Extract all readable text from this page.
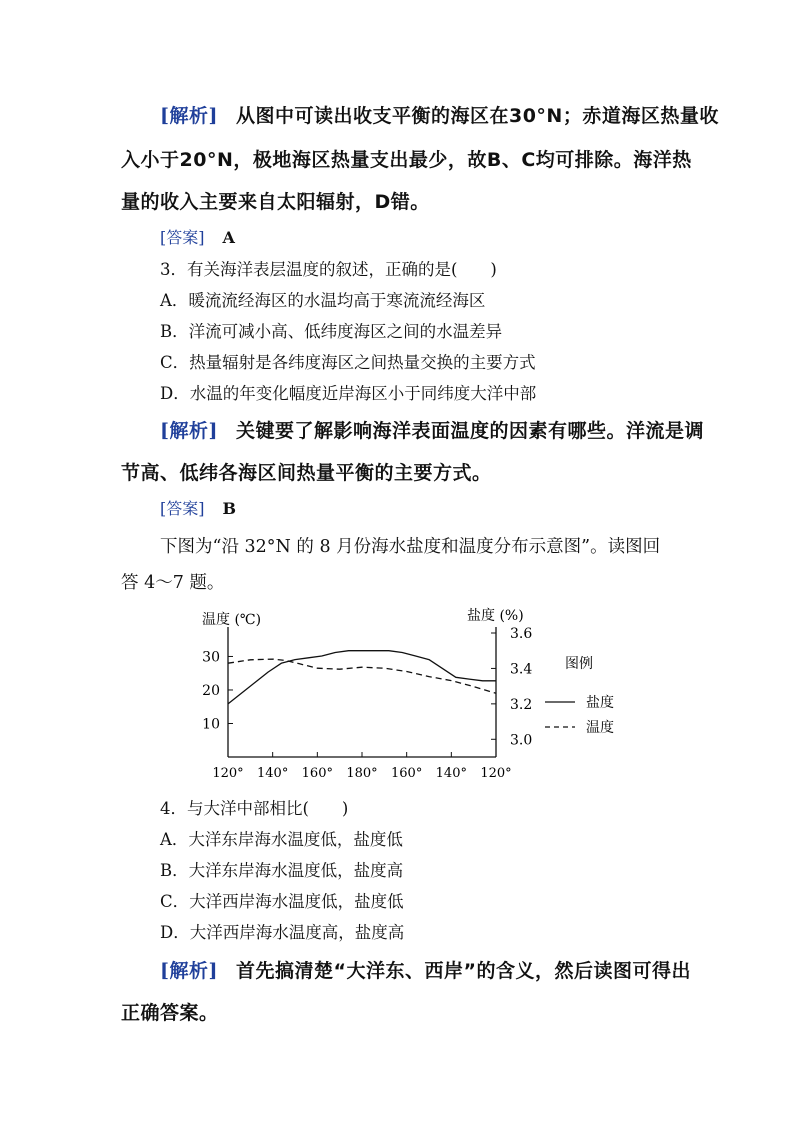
[解析] 从图中可读出收支平衡的海区在30°N；赤道海区热量收
入小于20°N，极地海区热量支出最少，故B、C均可排除。海洋热
量的收入主要来自太阳辐射，D错。
[答案] A
3．有关海洋表层温度的叙述，正确的是(　　)
A．暖流流经海区的水温均高于寒流流经海区
B．洋流可减小高、低纬度海区之间的水温差异
C．热量辐射是各纬度海区之间热量交换的主要方式
D．水温的年变化幅度近岸海区小于同纬度大洋中部
[解析] 关键要了解影响海洋表面温度的因素有哪些。洋流是调
节高、低纬各海区间热量平衡的主要方式。
[答案] B
下图为“沿 32°N 的 8 月份海水盐度和温度分布示意图”。读图回
答 4～7 题。
温度 (℃)	盐度 (%)
120° 140° 160° 180° 160° 140° 120°
30
20
10
3.6
3.4
3.2
3.0
图例
盐度
温度
4．与大洋中部相比(　　)
A．大洋东岸海水温度低，盐度低
B．大洋东岸海水温度低，盐度高
C．大洋西岸海水温度低，盐度低
D．大洋西岸海水温度高，盐度高
[解析] 首先搞清楚“大洋东、西岸”的含义，然后读图可得出
正确答案。
